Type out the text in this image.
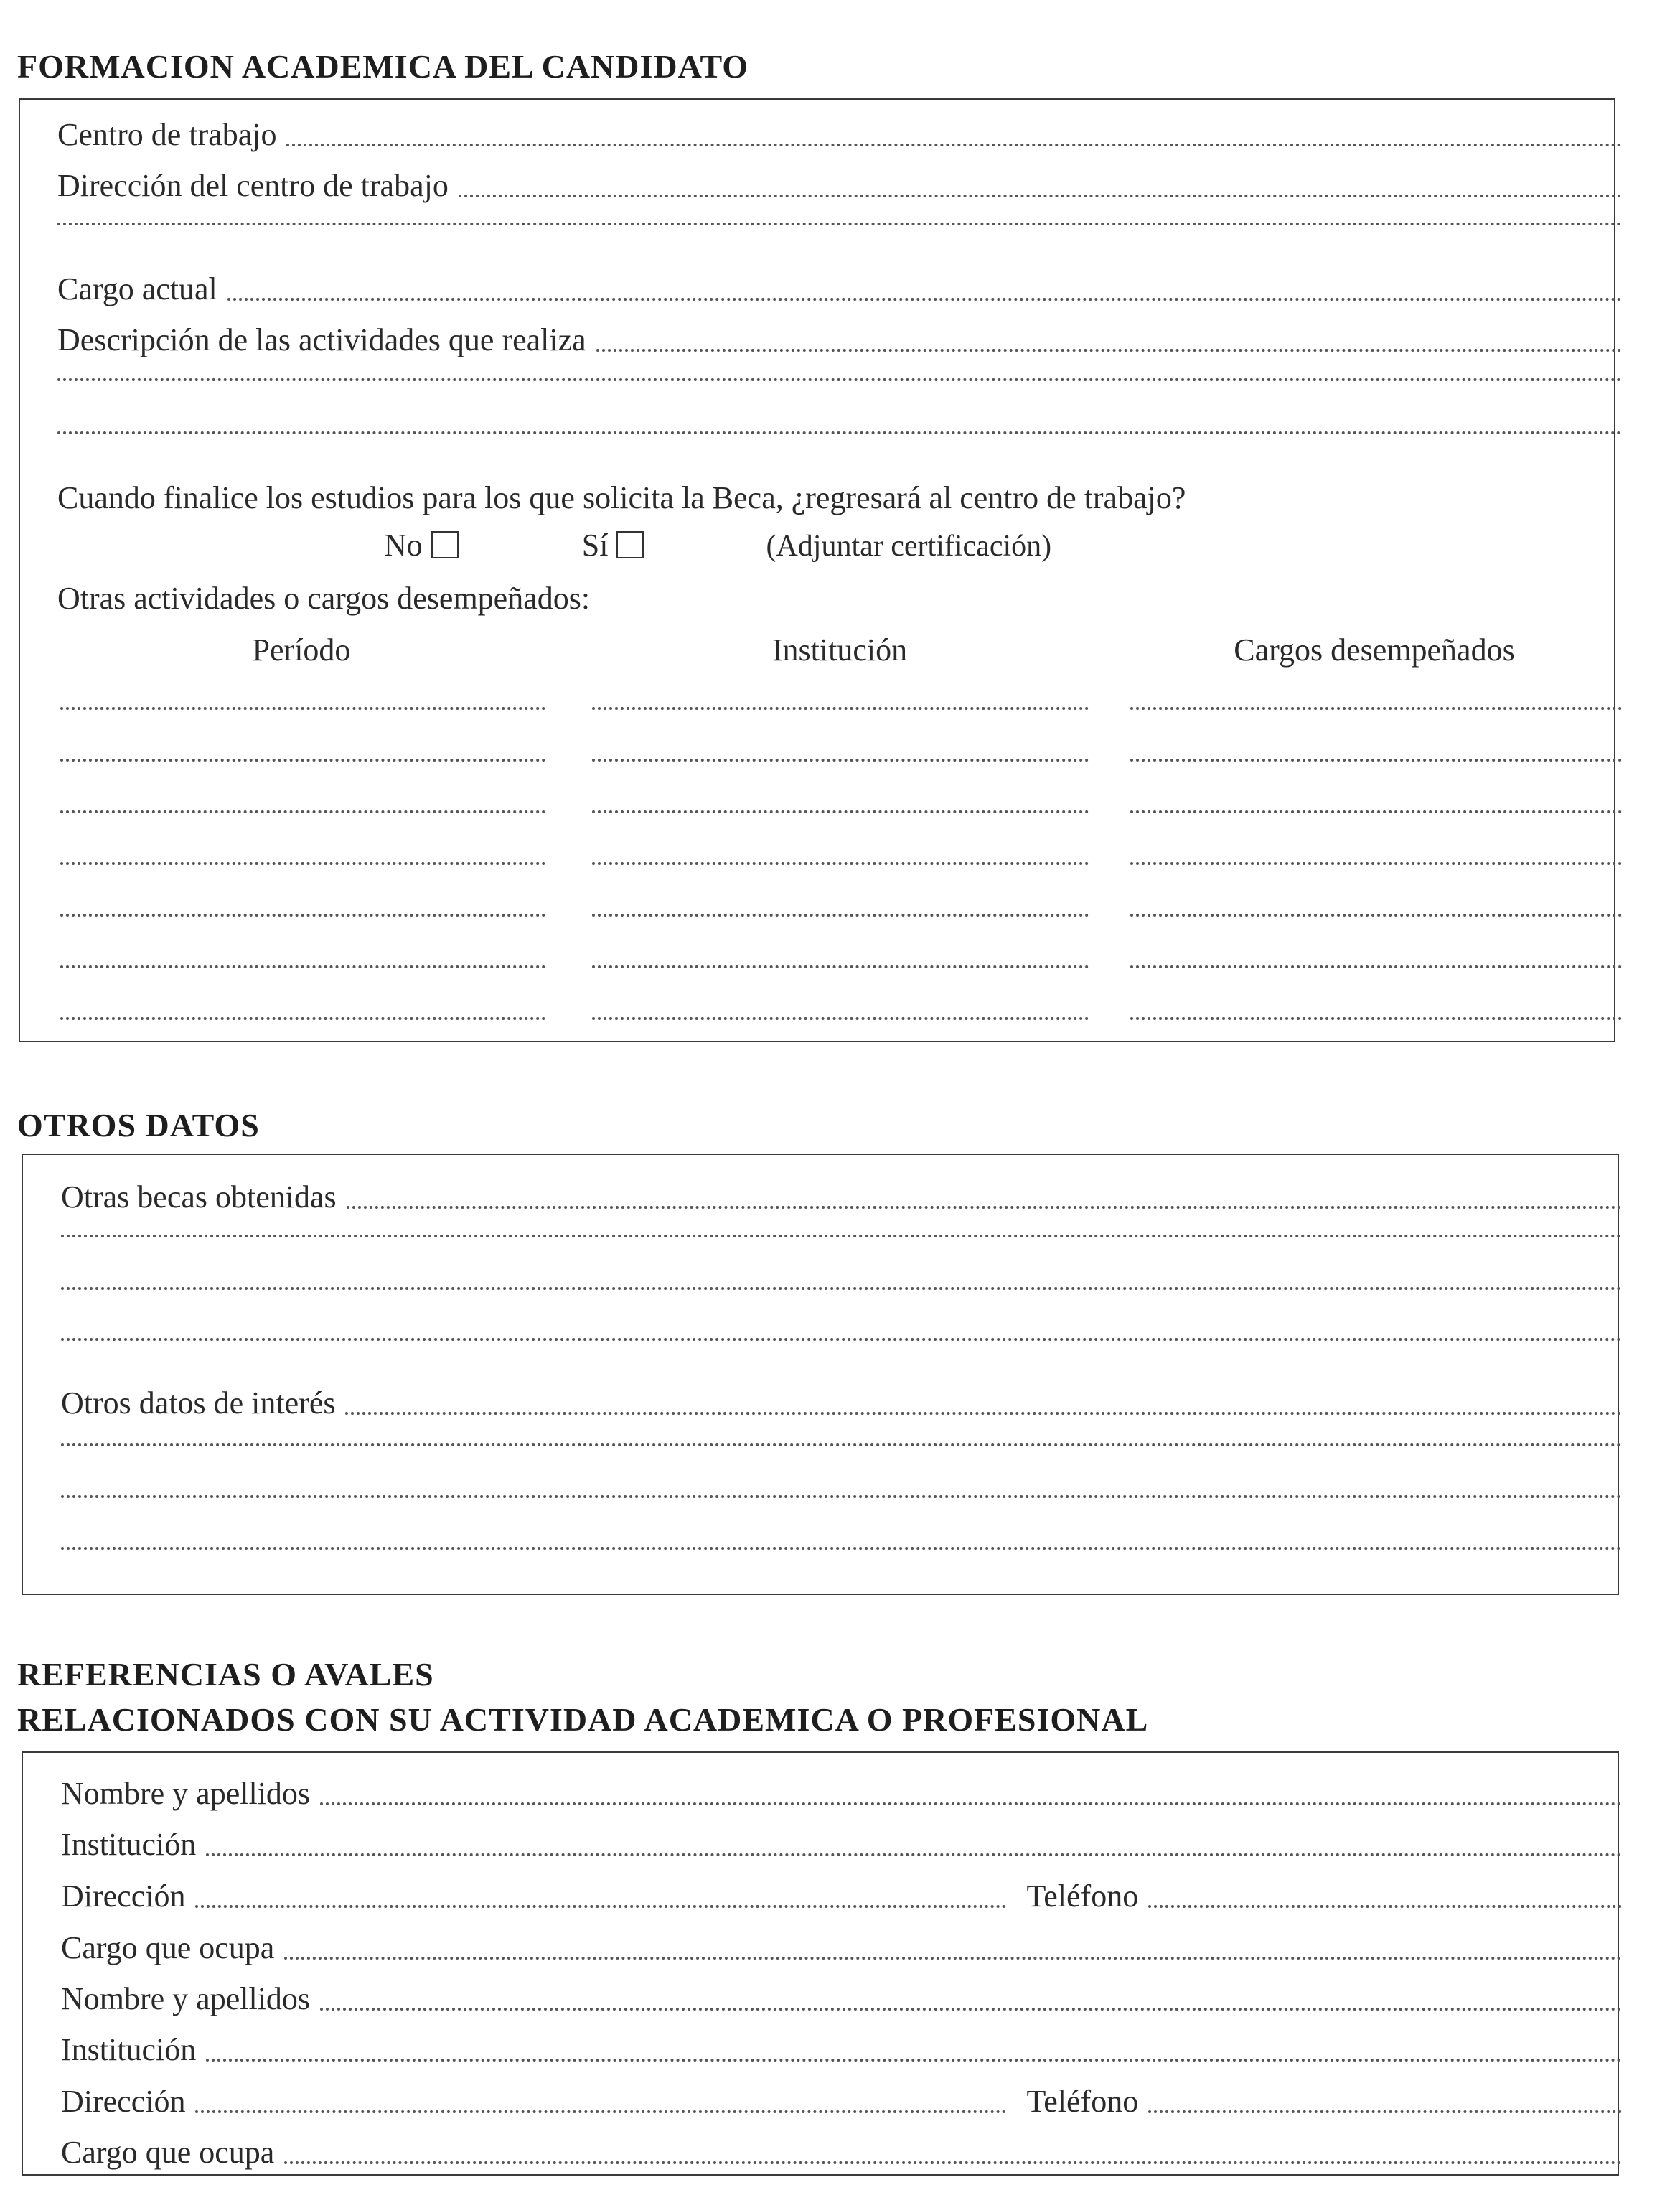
FORMACION ACADEMICA DEL CANDIDATO
Centro de trabajo
Dirección del centro de trabajo
Cargo actual
Descripción de las actividades que realiza
Cuando finalice los estudios para los que solicita la Beca, ¿regresará al centro de trabajo?
No	Sí	(Adjuntar certificación)
Otras actividades o cargos desempeñados:
Período	Institución	Cargos desempeñados
OTROS DATOS
Otras becas obtenidas
Otros datos de interés
REFERENCIAS O AVALES
RELACIONADOS CON SU ACTIVIDAD ACADEMICA O PROFESIONAL
Nombre y apellidos
Institución
Dirección	Teléfono
Cargo que ocupa
Nombre y apellidos
Institución
Dirección	Teléfono
Cargo que ocupa
